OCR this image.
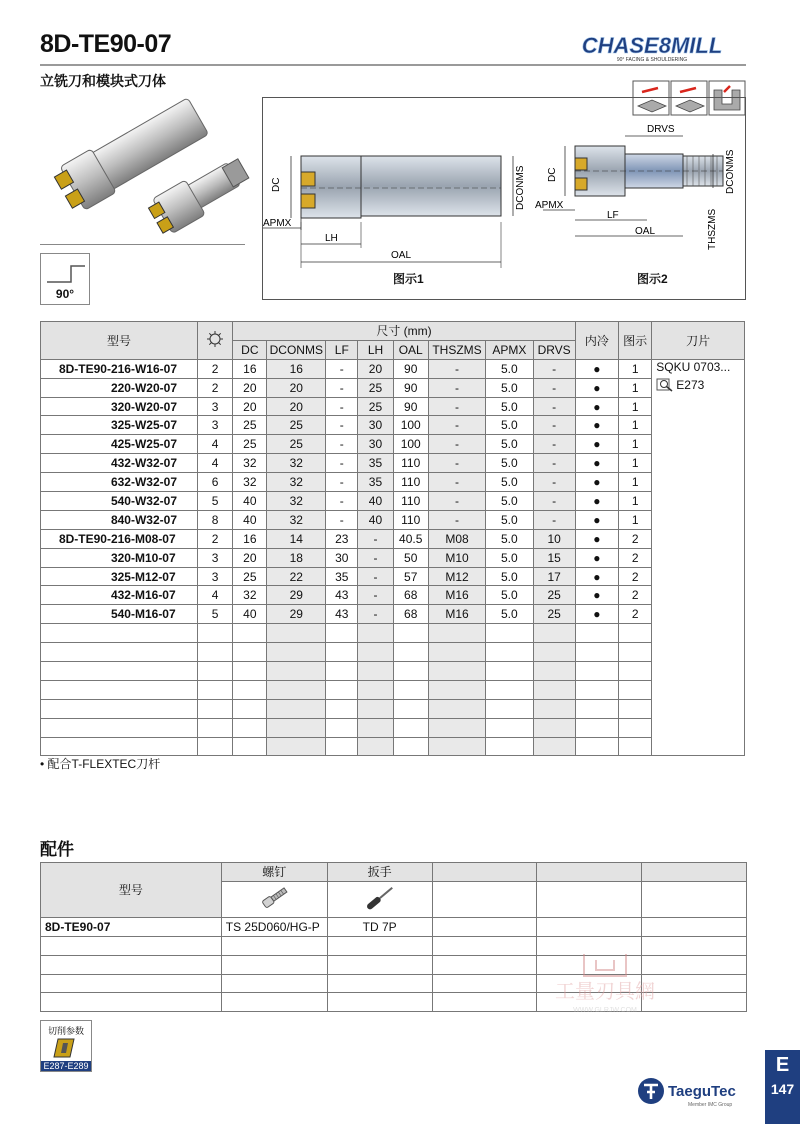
8D-TE90-07
立铣刀和模块式刀体
CHASE8MILL
90° FACING & SHOULDERING
90°
DC
APMX
LH
OAL
DCONMS
DRVS
DC
APMX
LF
OAL
DCONMS
THSZMS
图示1	图示2
型号			尺寸 (mm)								内冷	图示	刀片
			DC	DCONMS	LF	LH	OAL	THSZMS	APMX	DRVS			
8D-TE90-	216-W16-07	2	16	16	-	20	90	-	5.0	-	●	1	SQKU 0703...
E273

	220-W20-07	2	20	20	-	25	90	-	5.0	-	●	1	
	320-W20-07	3	20	20	-	25	90	-	5.0	-	●	1	
	325-W25-07	3	25	25	-	30	100	-	5.0	-	●	1	
	425-W25-07	4	25	25	-	30	100	-	5.0	-	●	1	
	432-W32-07	4	32	32	-	35	110	-	5.0	-	●	1	
	632-W32-07	6	32	32	-	35	110	-	5.0	-	●	1	
	540-W32-07	5	40	32	-	40	110	-	5.0	-	●	1	
	840-W32-07	8	40	32	-	40	110	-	5.0	-	●	1	
8D-TE90-	216-M08-07	2	16	14	23	-	40.5	M08	5.0	10	●	2	
	320-M10-07	3	20	18	30	-	50	M10	5.0	15	●	2	
	325-M12-07	3	25	22	35	-	57	M12	5.0	17	●	2	
	432-M16-07	4	32	29	43	-	68	M16	5.0	25	●	2	
	540-M16-07	5	40	29	43	-	68	M16	5.0	25	●	2	

• 配合T-FLEXTEC刀杆
配件
型号	螺钉	扳手			

8D-TE90-07	TS 25D060/HG-P	TD 7P			

工量刃具網
WWW.GLRJW.COM
切削参数
E287-E289
TaeguTec
Member IMC Group
E
147
